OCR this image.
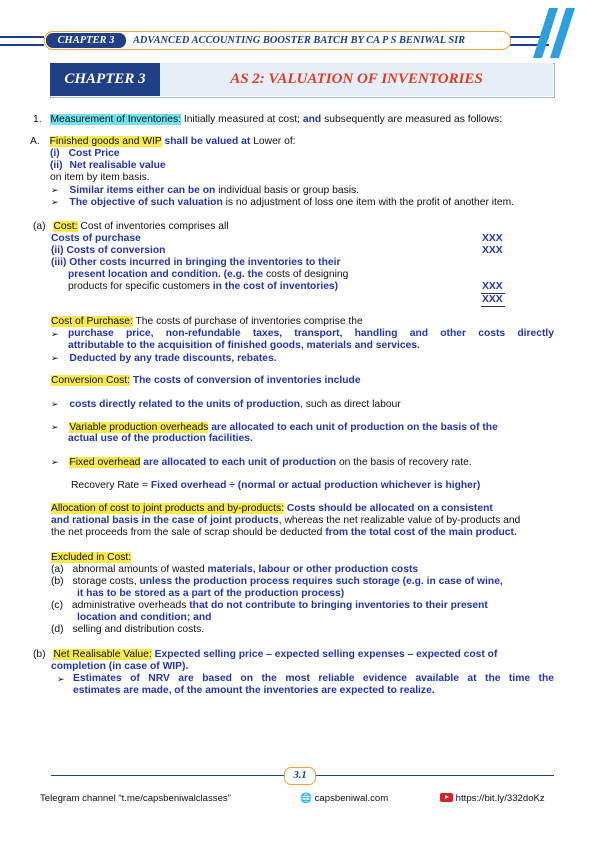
CHAPTER 3	ADVANCED ACCOUNTING BOOSTER BATCH BY CA P S BENIWAL SIR
CHAPTER 3	AS 2: VALUATION OF INVENTORIES
1. Measurement of Inventories: Initially measured at cost; and subsequently are measured as follows:
A. Finished goods and WIP shall be valued at Lower of:
(i) Cost Price
(ii) Net realisable value
on item by item basis.
➢ Similar items either can be on individual basis or group basis.
➢ The objective of such valuation is no adjustment of loss one item with the profit of another item.
(a) Cost: Cost of inventories comprises all
Costs of purchase	XXX
(ii) Costs of conversion	XXX
(iii) Other costs incurred in bringing the inventories to their
present location and condition. (e.g. the costs of designing
products for specific customers in the cost of inventories)	XXX
XXX
Cost of Purchase: The costs of purchase of inventories comprise the
➢ purchase price, non-refundable taxes, transport, handling and other costs directly
attributable to the acquisition of finished goods, materials and services.
➢ Deducted by any trade discounts, rebates.
Conversion Cost: The costs of conversion of inventories include
➢ costs directly related to the units of production, such as direct labour
➢ Variable production overheads are allocated to each unit of production on the basis of the
actual use of the production facilities.
➢ Fixed overhead are allocated to each unit of production on the basis of recovery rate.
Recovery Rate = Fixed overhead ÷ (normal or actual production whichever is higher)
Allocation of cost to joint products and by-products: Costs should be allocated on a consistent
and rational basis in the case of joint products, whereas the net realizable value of by-products and
the net proceeds from the sale of scrap should be deducted from the total cost of the main product.
Excluded in Cost:
(a) abnormal amounts of wasted materials, labour or other production costs
(b) storage costs, unless the production process requires such storage (e.g. in case of wine,
it has to be stored as a part of the production process)
(c) administrative overheads that do not contribute to bringing inventories to their present
location and condition; and
(d) selling and distribution costs.
(b) Net Realisable Value: Expected selling price – expected selling expenses – expected cost of
completion (in case of WIP).
➢ Estimates of NRV are based on the most reliable evidence available at the time the
estimates are made, of the amount the inventories are expected to realize.
3.1
Telegram channel “t.me/capsbeniwalclasses”	🌐 capsbeniwal.com	https://bit.ly/332doKz
